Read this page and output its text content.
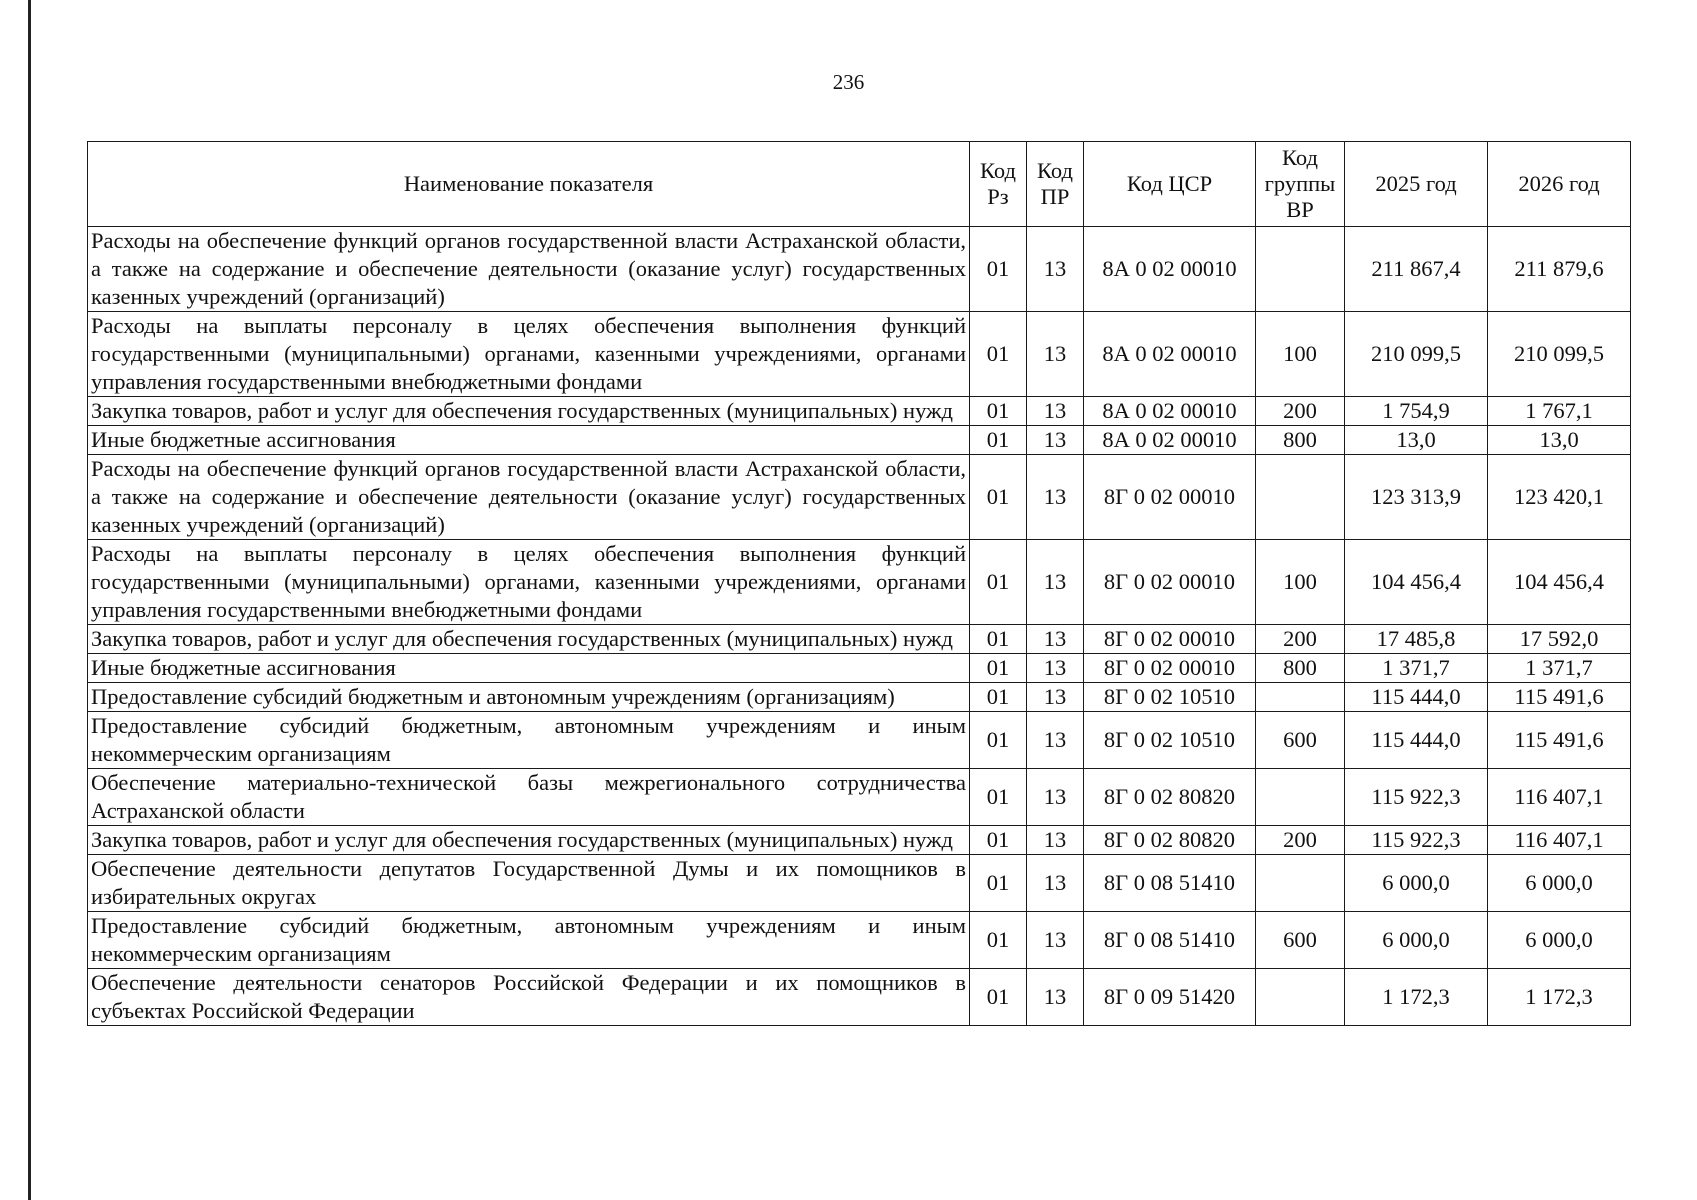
236
Наименование показателя	Код Рз	Код ПР	Код ЦСР	Код группы ВР	2025 год	2026 год
Расходы на обеспечение функций органов государственной власти Астраханской области, а также на содержание и обеспечение деятельности (оказание услуг) государственных казенных учреждений (организаций)	01	13	8А 0 02 00010		211 867,4	211 879,6
Расходы на выплаты персоналу в целях обеспечения выполнения функций государственными (муниципальными) органами, казенными учреждениями, органами управления государственными внебюджетными фондами	01	13	8А 0 02 00010	100	210 099,5	210 099,5
Закупка товаров, работ и услуг для обеспечения государственных (муниципальных) нужд	01	13	8А 0 02 00010	200	1 754,9	1 767,1
Иные бюджетные ассигнования	01	13	8А 0 02 00010	800	13,0	13,0
Расходы на обеспечение функций органов государственной власти Астраханской области, а также на содержание и обеспечение деятельности (оказание услуг) государственных казенных учреждений (организаций)	01	13	8Г 0 02 00010		123 313,9	123 420,1
Расходы на выплаты персоналу в целях обеспечения выполнения функций государственными (муниципальными) органами, казенными учреждениями, органами управления государственными внебюджетными фондами	01	13	8Г 0 02 00010	100	104 456,4	104 456,4
Закупка товаров, работ и услуг для обеспечения государственных (муниципальных) нужд	01	13	8Г 0 02 00010	200	17 485,8	17 592,0
Иные бюджетные ассигнования	01	13	8Г 0 02 00010	800	1 371,7	1 371,7
Предоставление субсидий бюджетным и автономным учреждениям (организациям)	01	13	8Г 0 02 10510		115 444,0	115 491,6
Предоставление субсидий бюджетным, автономным учреждениям и иным некоммерческим организациям	01	13	8Г 0 02 10510	600	115 444,0	115 491,6
Обеспечение материально-технической базы межрегионального сотрудничества Астраханской области	01	13	8Г 0 02 80820		115 922,3	116 407,1
Закупка товаров, работ и услуг для обеспечения государственных (муниципальных) нужд	01	13	8Г 0 02 80820	200	115 922,3	116 407,1
Обеспечение деятельности депутатов Государственной Думы и их помощников в избирательных округах	01	13	8Г 0 08 51410		6 000,0	6 000,0
Предоставление субсидий бюджетным, автономным учреждениям и иным некоммерческим организациям	01	13	8Г 0 08 51410	600	6 000,0	6 000,0
Обеспечение деятельности сенаторов Российской Федерации и их помощников в субъектах Российской Федерации	01	13	8Г 0 09 51420		1 172,3	1 172,3
